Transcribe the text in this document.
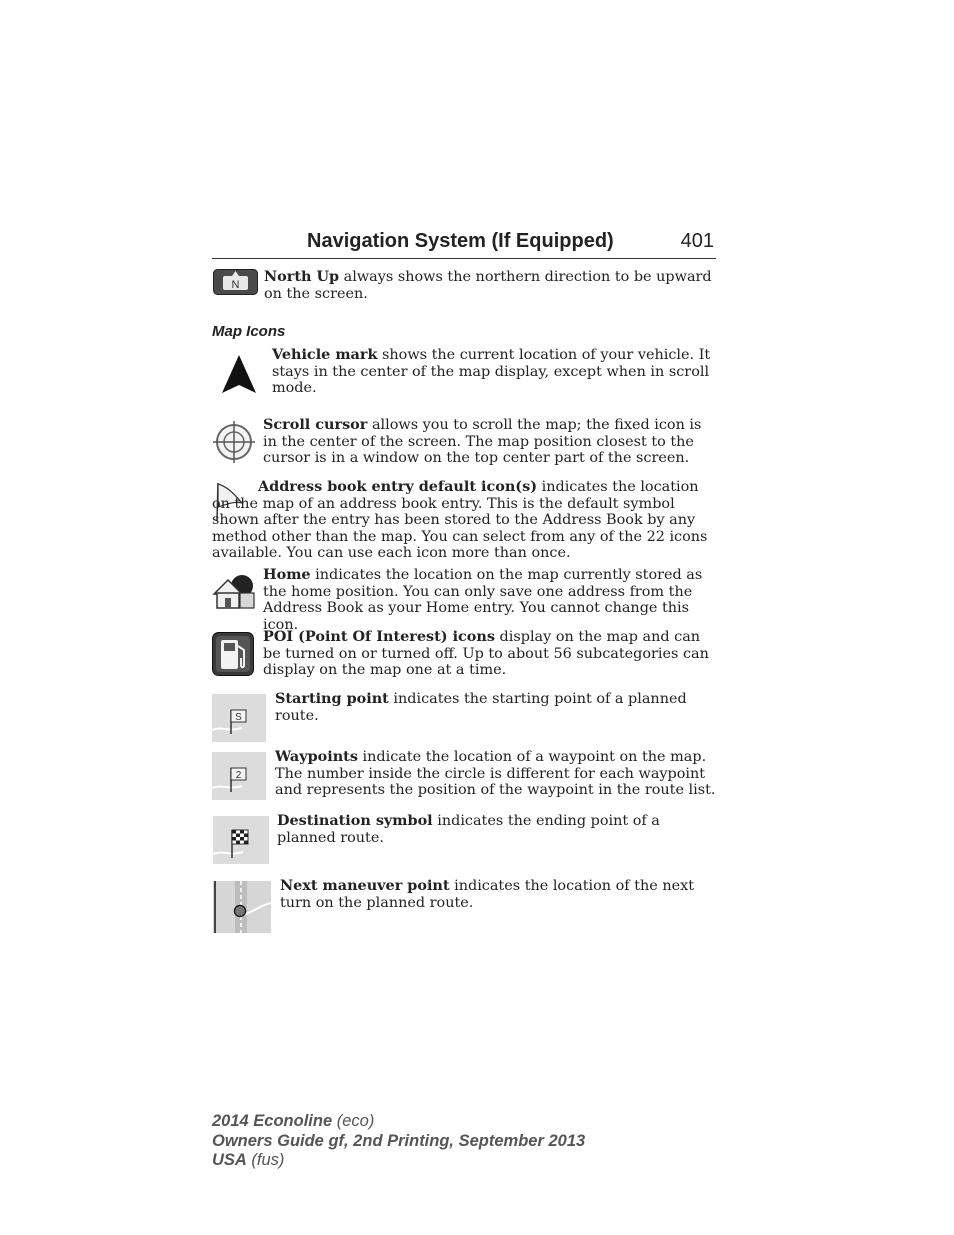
Navigation System (If Equipped)	401
N North Up always shows the northern direction to be upward on the screen.
Map Icons
Vehicle mark shows the current location of your vehicle. It stays in the center of the map display, except when in scroll mode.
Scroll cursor allows you to scroll the map; the fixed icon is in the center of the screen. The map position closest to the cursor is in a window on the top center part of the screen.
Address book entry default icon(s) indicates the location on the map of an address book entry. This is the default symbol shown after the entry has been stored to the Address Book by any method other than the map. You can select from any of the 22 icons available. You can use each icon more than once.
Home indicates the location on the map currently stored as the home position. You can only save one address from the Address Book as your Home entry. You cannot change this icon.
POI (Point Of Interest) icons display on the map and can be turned on or turned off. Up to about 56 subcategories can display on the map one at a time.
S
Starting point indicates the starting point of a planned route.
2
Waypoints indicate the location of a waypoint on the map. The number inside the circle is different for each waypoint and represents the position of the waypoint in the route list.
Destination symbol indicates the ending point of a planned route.
Next maneuver point indicates the location of the next turn on the planned route.
2014 Econoline (eco)
Owners Guide gf, 2nd Printing, September 2013
USA (fus)
